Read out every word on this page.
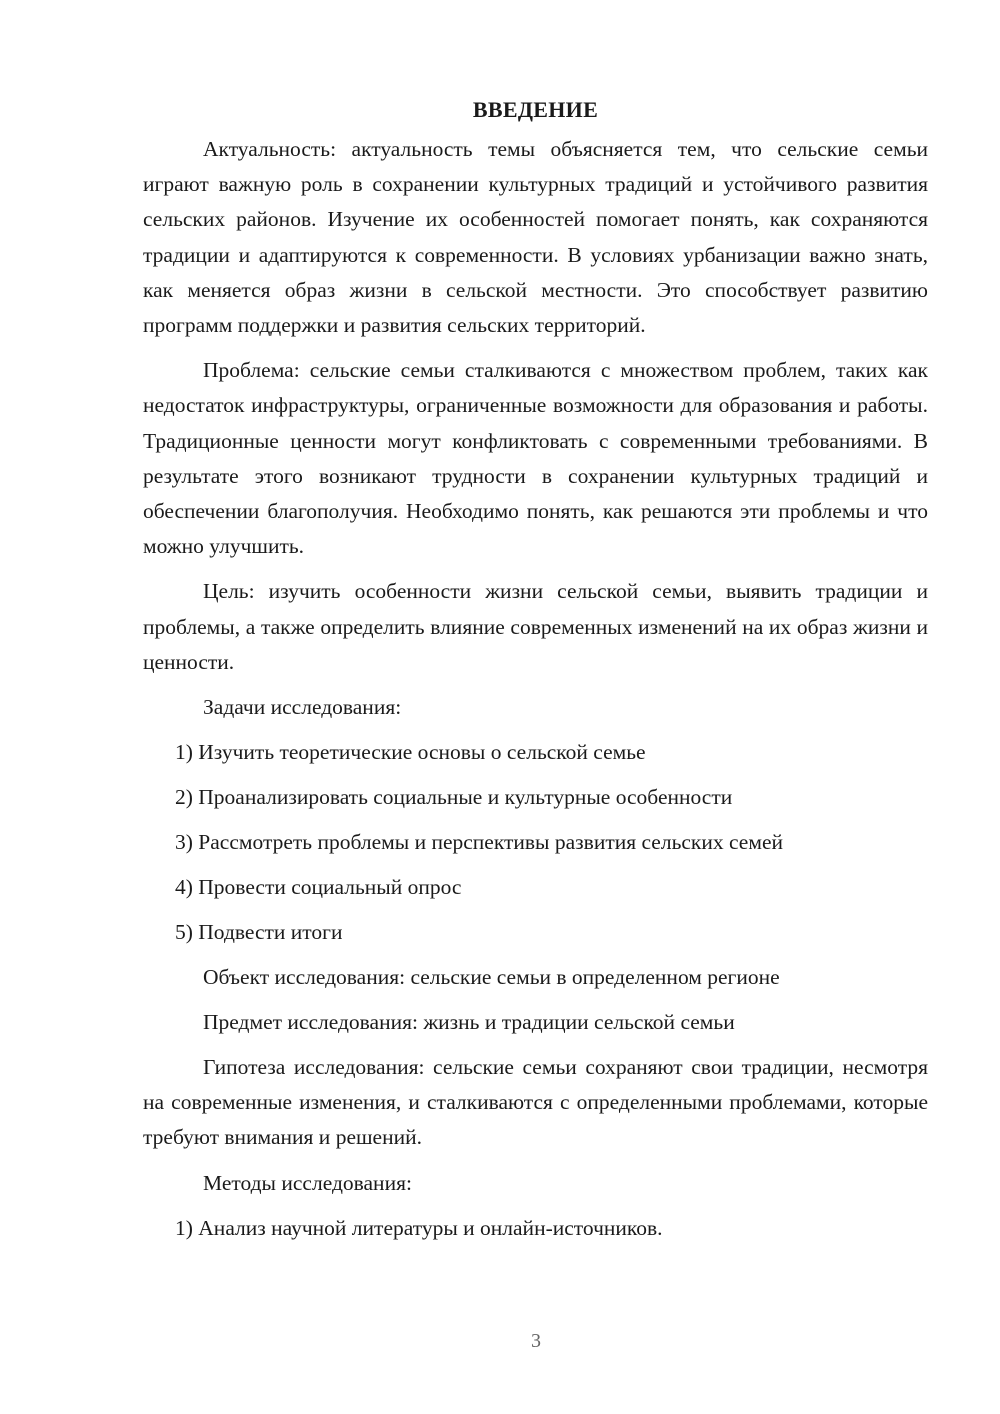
ВВЕДЕНИЕ

Актуальность: актуальность темы объясняется тем, что сельские семьи играют важную роль в сохранении культурных традиций и устойчивого развития сельских районов. Изучение их особенностей помогает понять, как сохраняются традиции и адаптируются к современности. В условиях урбанизации важно знать, как меняется образ жизни в сельской местности. Это способствует развитию программ поддержки и развития сельских территорий.

Проблема: сельские семьи сталкиваются с множеством проблем, таких как недостаток инфраструктуры, ограниченные возможности для образования и работы. Традиционные ценности могут конфликтовать с современными требованиями. В результате этого возникают трудности в сохранении культурных традиций и обеспечении благополучия. Необходимо понять, как решаются эти проблемы и что можно улучшить.

Цель: изучить особенности жизни сельской семьи, выявить традиции и проблемы, а также определить влияние современных изменений на их образ жизни и ценности.

Задачи исследования:
1) Изучить теоретические основы о сельской семье
2) Проанализировать социальные и культурные особенности
3) Рассмотреть проблемы и перспективы развития сельских семей
4) Провести социальный опрос
5) Подвести итоги
Объект исследования: сельские семьи в определенном регионе
Предмет исследования: жизнь и традиции сельской семьи

Гипотеза исследования: сельские семьи сохраняют свои традиции, несмотря на современные изменения, и сталкиваются с определенными проблемами, которые требуют внимания и решений.

Методы исследования:
1) Анализ научной литературы и онлайн-источников.
3
